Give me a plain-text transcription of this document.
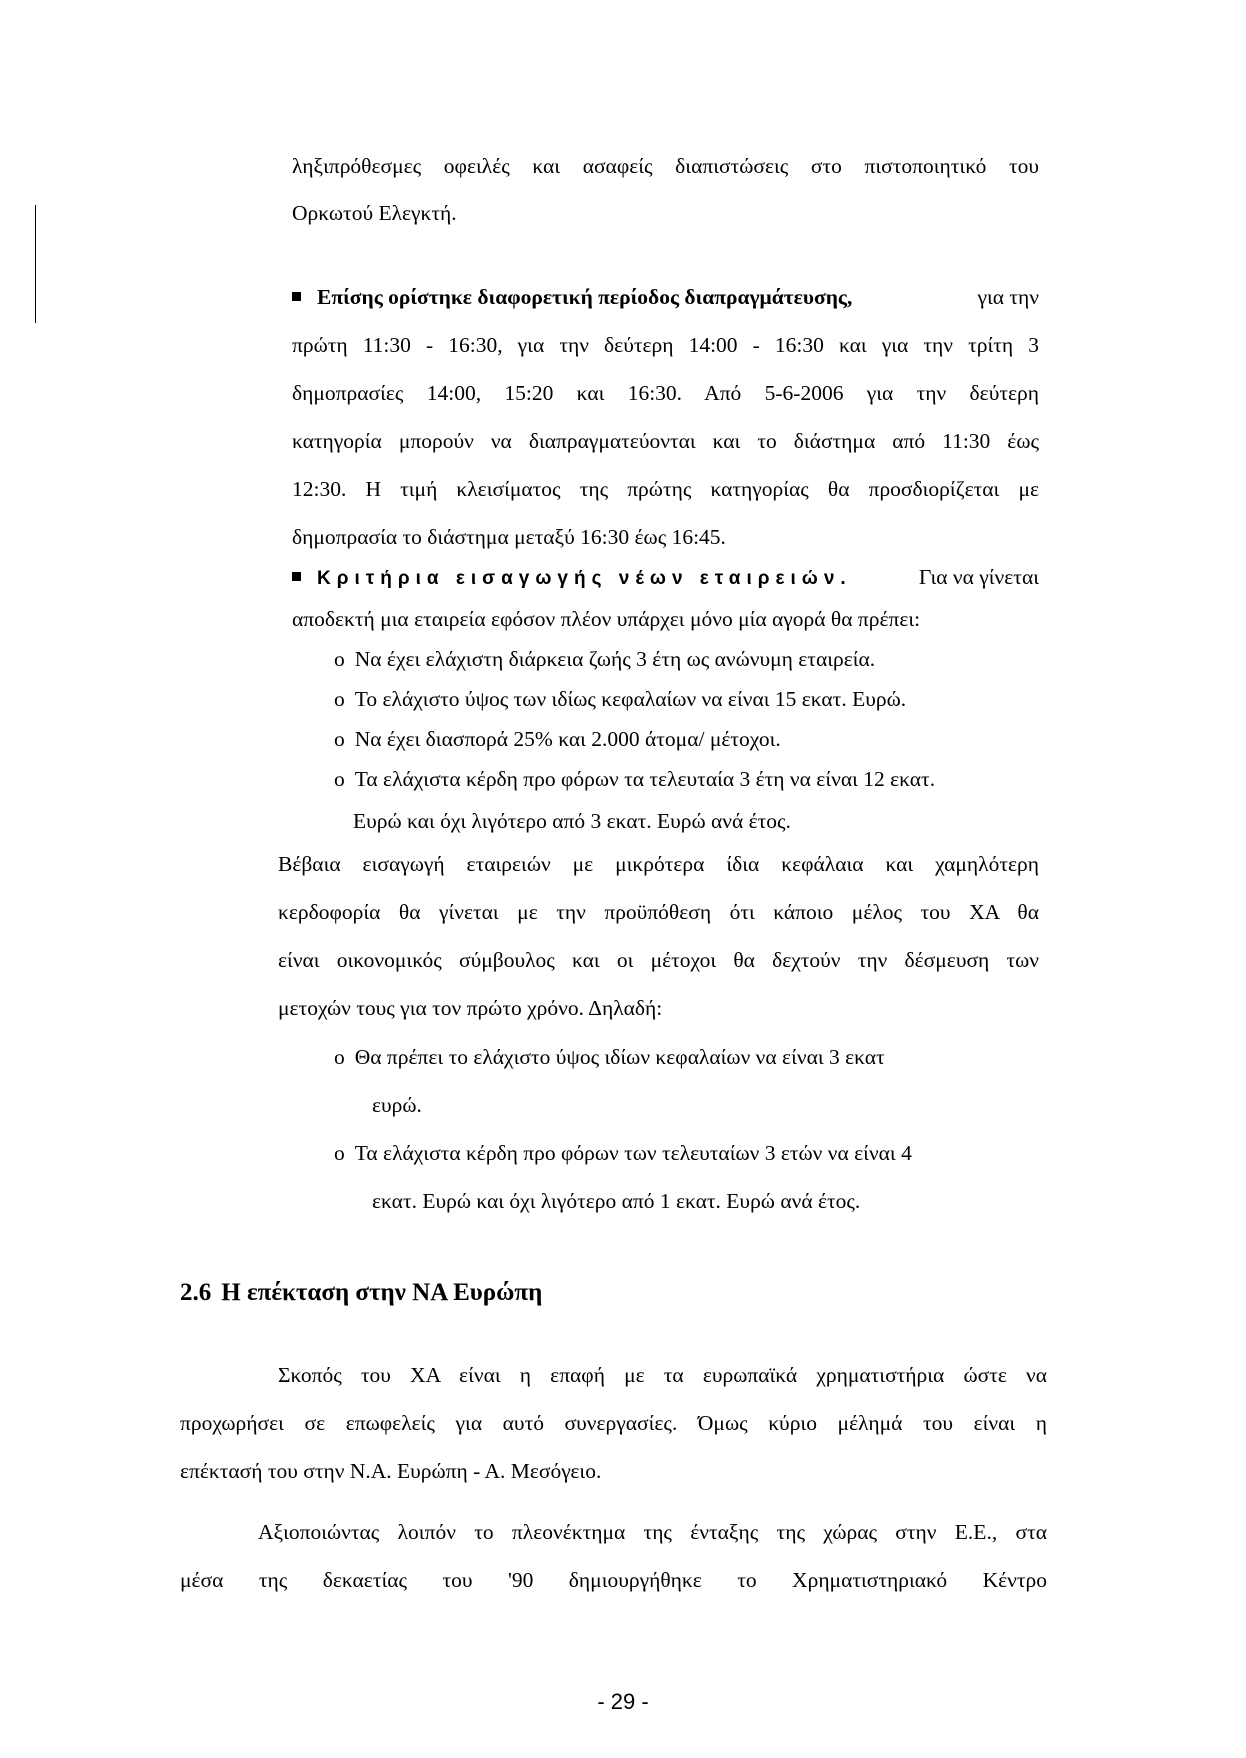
ληξιπρόθεσμες οφειλές και ασαφείς διαπιστώσεις στο πιστοποιητικό του
Ορκωτού Ελεγκτή.
Επίσης ορίστηκε διαφορετική περίοδος διαπραγμάτευσης,	για την
πρώτη 11:30 - 16:30, για την δεύτερη 14:00 - 16:30 και για την τρίτη 3
δημοπρασίες 14:00, 15:20 και 16:30. Από 5-6-2006 για την δεύτερη
κατηγορία μπορούν να διαπραγματεύονται και το διάστημα από 11:30 έως
12:30. Η τιμή κλεισίματος της πρώτης κατηγορίας θα προσδιορίζεται με
δημοπρασία το διάστημα μεταξύ 16:30 έως 16:45.
Κριτήρια εισαγωγής νέων εταιρειών.	Για να γίνεται
αποδεκτή μια εταιρεία εφόσον πλέον υπάρχει μόνο μία αγορά θα πρέπει:
o Να έχει ελάχιστη διάρκεια ζωής 3 έτη ως ανώνυμη εταιρεία.
o Το ελάχιστο ύψος των ιδίως κεφαλαίων να είναι 15 εκατ. Ευρώ.
o Να έχει διασπορά 25% και 2.000 άτομα/ μέτοχοι.
o Τα ελάχιστα κέρδη προ φόρων τα τελευταία 3 έτη να είναι 12 εκατ.
Ευρώ και όχι λιγότερο από 3 εκατ. Ευρώ ανά έτος.
Βέβαια εισαγωγή εταιρειών με μικρότερα ίδια κεφάλαια και χαμηλότερη
κερδοφορία θα γίνεται με την προϋπόθεση ότι κάποιο μέλος του ΧΑ θα
είναι οικονομικός σύμβουλος και οι μέτοχοι θα δεχτούν την δέσμευση των
μετοχών τους για τον πρώτο χρόνο. Δηλαδή:
o Θα πρέπει το ελάχιστο ύψος ιδίων κεφαλαίων να είναι 3 εκατ
ευρώ.
o Τα ελάχιστα κέρδη προ φόρων των τελευταίων 3 ετών να είναι 4
εκατ. Ευρώ και όχι λιγότερο από 1 εκατ. Ευρώ ανά έτος.
2.6 Η επέκταση στην ΝΑ Ευρώπη
Σκοπός του ΧΑ είναι η επαφή με τα ευρωπαϊκά χρηματιστήρια ώστε να
προχωρήσει σε επωφελείς για αυτό συνεργασίες. Όμως κύριο μέλημά του είναι η
επέκτασή του στην Ν.Α. Ευρώπη - Α. Μεσόγειο.
Αξιοποιώντας λοιπόν το πλεονέκτημα της ένταξης της χώρας στην Ε.Ε., στα
μέσα της δεκαετίας του '90 δημιουργήθηκε το Χρηματιστηριακό Κέντρο
- 29 -
